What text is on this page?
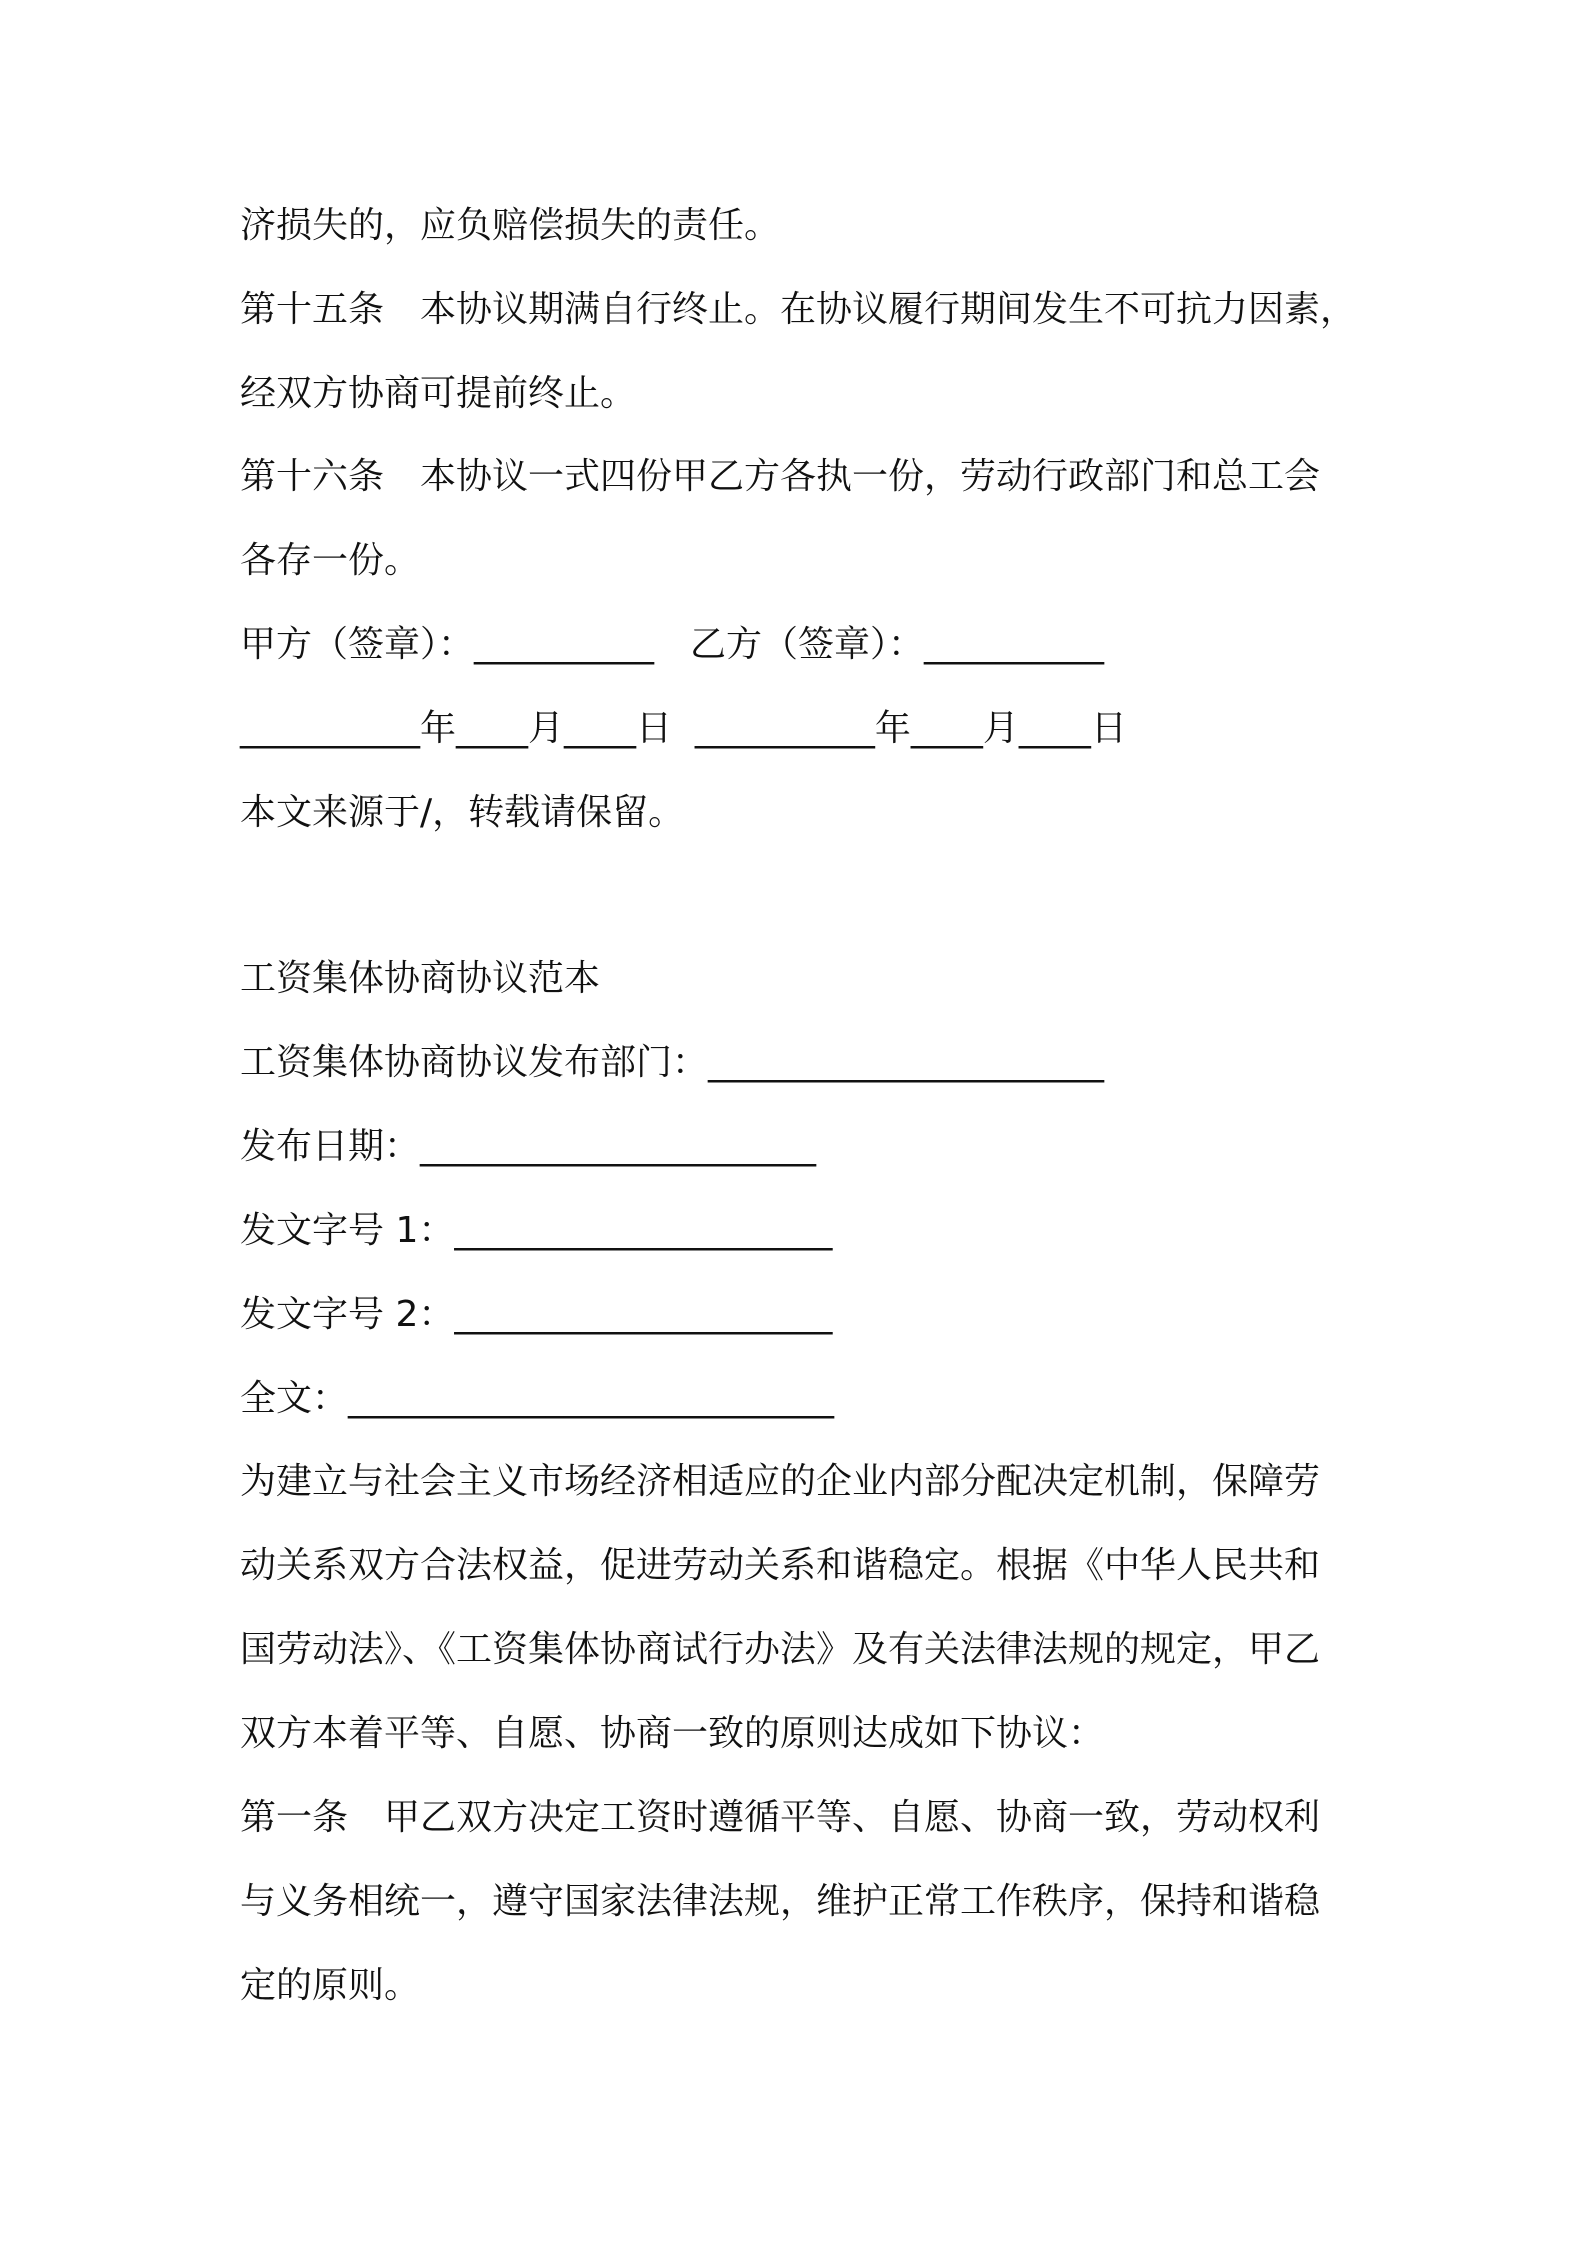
济损失的，应负赔偿损失的责任。
第十五条　本协议期满自行终止。在协议履行期间发生不可抗力因素，
经双方协商可提前终止。
第十六条　本协议一式四份甲乙方各执一份，劳动行政部门和总工会
各存一份。
甲方（签章）：__________　乙方（签章）：__________
__________年____月____日  __________年____月____日
本文来源于/，转载请保留。
工资集体协商协议范本
工资集体协商协议发布部门：______________________
发布日期：______________________
发文字号 1：_____________________
发文字号 2：_____________________
全文：___________________________
为建立与社会主义市场经济相适应的企业内部分配决定机制，保障劳
动关系双方合法权益，促进劳动关系和谐稳定。根据《中华人民共和
国劳动法》、《工资集体协商试行办法》及有关法律法规的规定，甲乙
双方本着平等、自愿、协商一致的原则达成如下协议：
第一条　甲乙双方决定工资时遵循平等、自愿、协商一致，劳动权利
与义务相统一，遵守国家法律法规，维护正常工作秩序，保持和谐稳
定的原则。
